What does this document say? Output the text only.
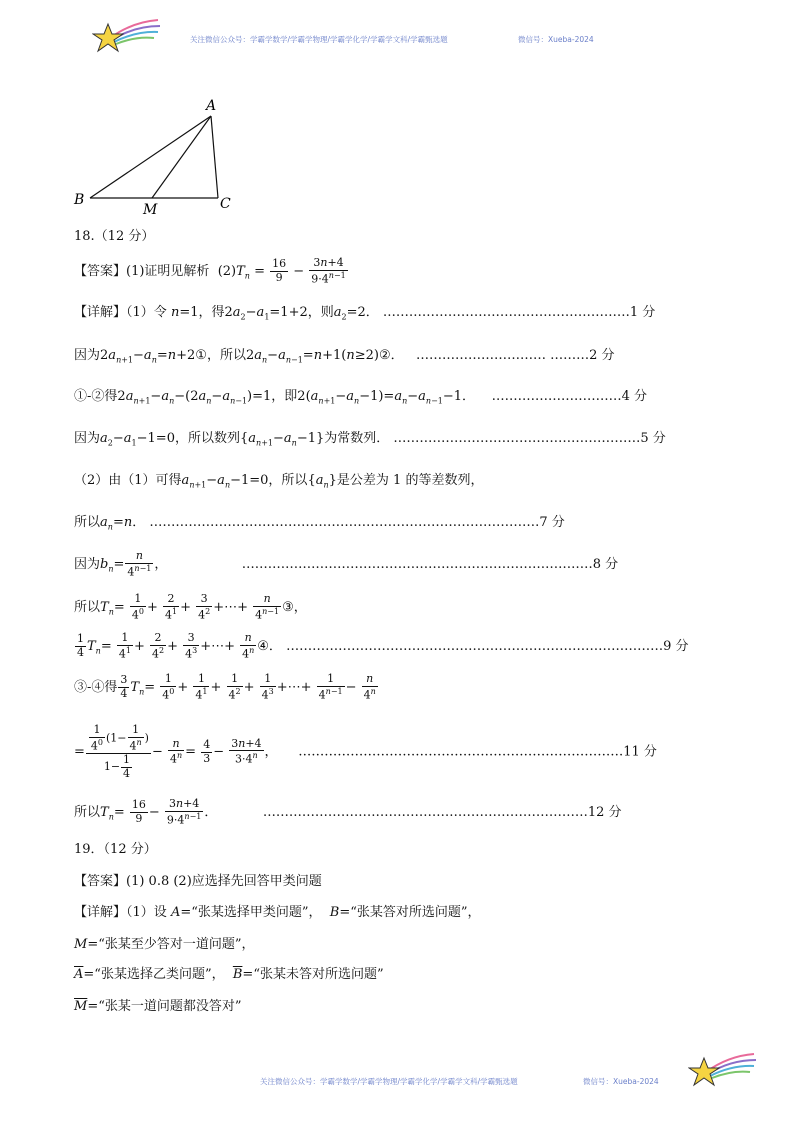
关注微信公众号：学霸学数学/学霸学物理/学霸学化学/学霸学文科/学霸甄选题	微信号：Xueba-2024
A
B	C
M
18.（12 分）
【答案】(1)证明见解析 $(2)T_n = \frac{16}{9} - \frac{3n+4}{9\cdot 4^{n-1}}$
【详解】（1）令 n=1，得$2a_2-a_1=1+2$，则$a_2=2$． …………………………………………………1 分
因为$2a_{n+1}-a_n=n+2①$，所以$2a_n-a_{n-1}=n+1(n\ge 2)②$． ………………………… ………2 分
①-②得$2a_{n+1}-a_n-(2a_n-a_{n-1})=1$，即$2(a_{n+1}-a_n-1)=a_n-a_{n-1}-1$．    …………………………4 分
因为$a_2-a_1-1=0$，所以数列$\{a_{n+1}-a_n-1\}$为常数列． …………………………………………………5 分
（2）由（1）可得$a_{n+1}-a_n-1=0$，所以$\{a_n\}$是公差为 1 的等差数列，
所以$a_n=n$． ………………………………………………………………………………7 分
因为$b_n= \frac{n}{4^{n-1}}$ ，                  ………………………………………………………………………8 分
所以$T_n= \frac{1}{4^0} + \frac{2}{4^1} + \frac{3}{4^2}$ +⋯+ $\frac{n}{4^{n-1}}$ ③，
$\frac{1}{4} T_n= \frac{1}{4^1} + \frac{2}{4^2} + \frac{3}{4^3}$ +⋯+ $\frac{n}{4^n}$ ④． ……………………………………………………………………………9 分
③-④得 $\frac{3}{4} T_n= \frac{1}{4^0} + \frac{1}{4^1} + \frac{1}{4^2} + \frac{1}{4^3}$ +⋯+ $\frac{1}{4^{n-1}} - \frac{n}{4^n}$
= $\frac{\frac{1}{4^0} (1- \frac{1}{4^n} )}{1- \frac{1}{4}} - \frac{n}{4^n} = \frac{4}{3} - \frac{3n+4}{3\cdot 4^n}$ ，     …………………………………………………………………11 分
所以$T_n= \frac{16}{9} - \frac{3n+4}{9\cdot 4^{n-1}}$ ．           …………………………………………………………………12 分
19．（12 分）
【答案】(1) 0.8 (2)应选择先回答甲类问题
【详解】（1）设 A=“张某选择甲类问题”， B=“张某答对所选问题”，
M=“张某至少答对一道问题”，
$\overline{A}=“$张某选择乙类问题”， $\overline{B}=“$张某未答对所选问题”
$\overline{M}=“$张某一道问题都没答对”
关注微信公众号：学霸学数学/学霸学物理/学霸学化学/学霸学文科/学霸甄选题	微信号：Xueba-2024
